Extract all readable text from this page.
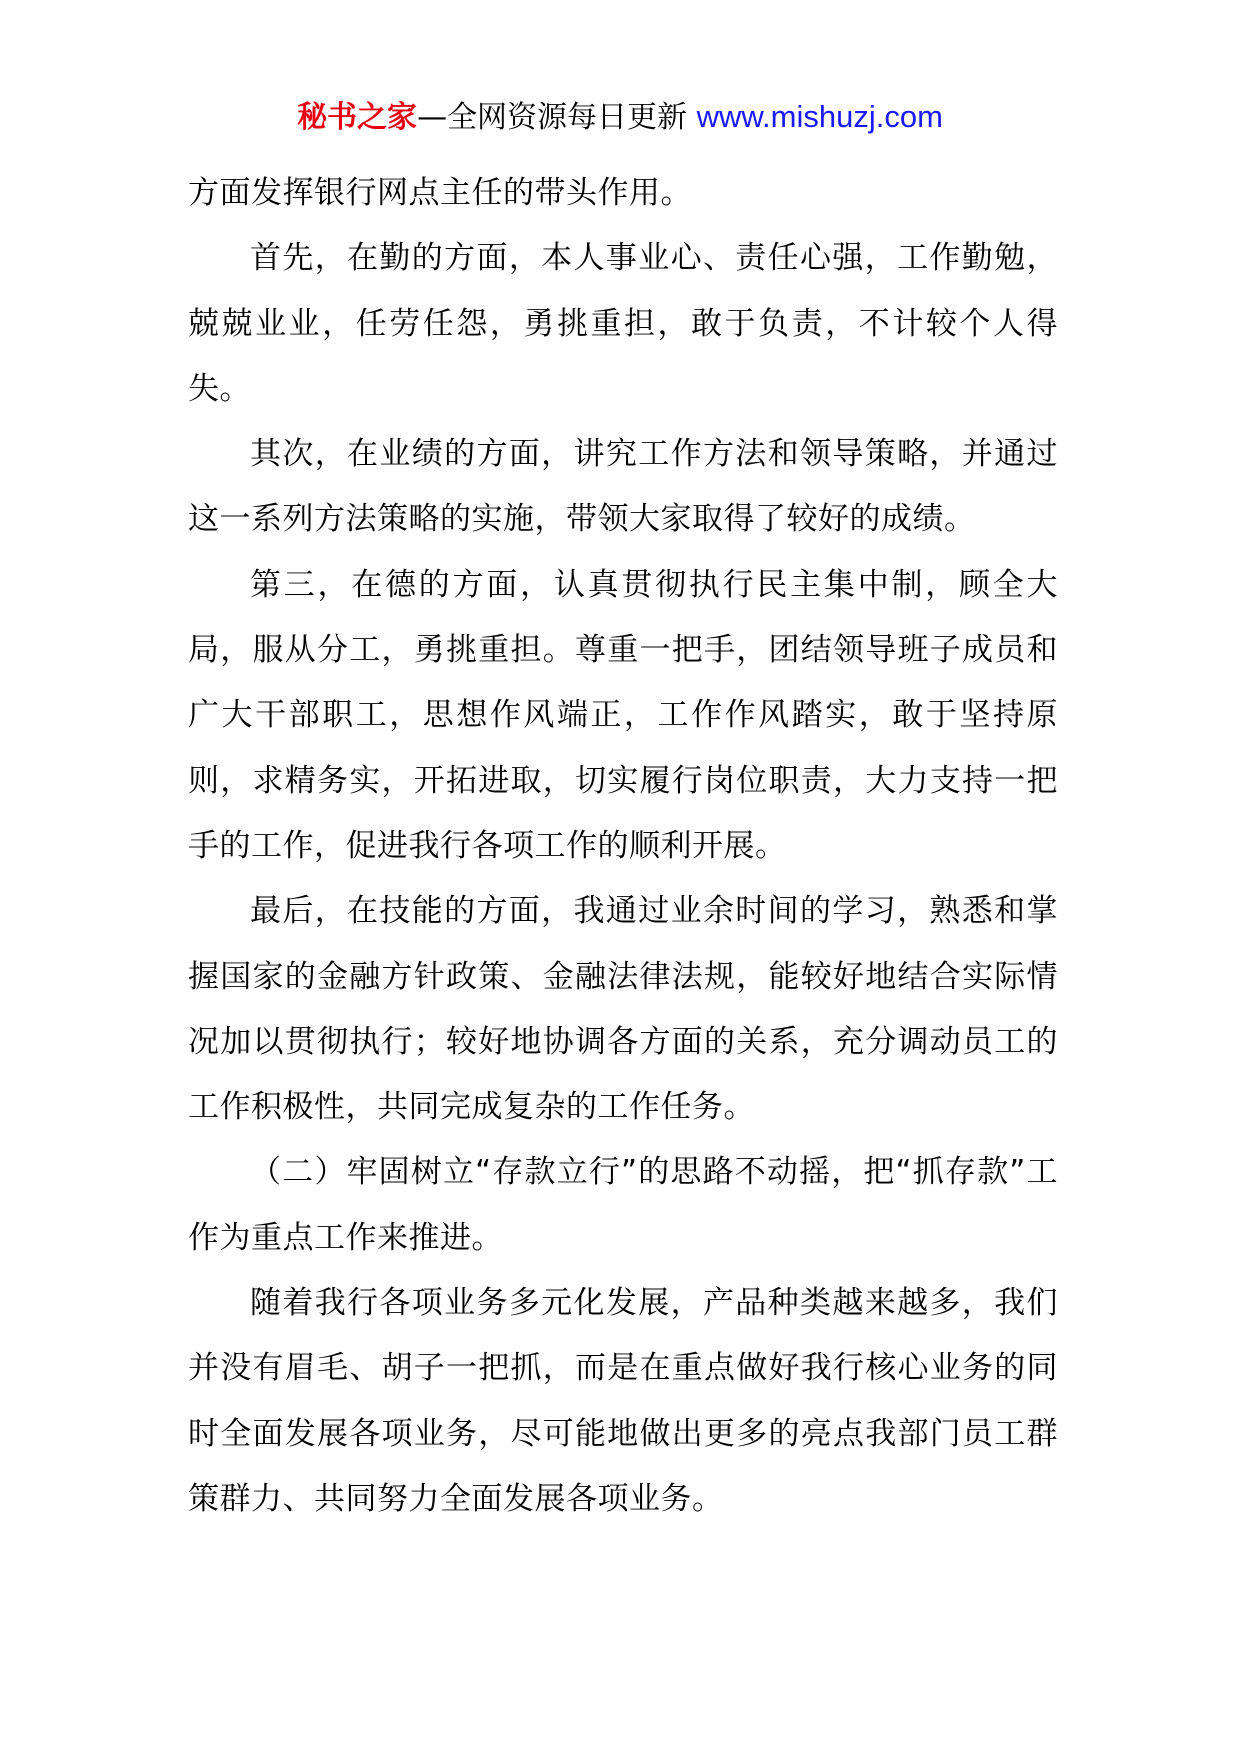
秘书之家—全网资源每日更新 www.mishuzj.com

方面发挥银行网点主任的带头作用。

首先，在勤的方面，本人事业心、责任心强，工作勤勉，兢兢业业，任劳任怨，勇挑重担，敢于负责，不计较个人得失。

其次，在业绩的方面，讲究工作方法和领导策略，并通过这一系列方法策略的实施，带领大家取得了较好的成绩。

第三，在德的方面，认真贯彻执行民主集中制，顾全大局，服从分工，勇挑重担。尊重一把手，团结领导班子成员和广大干部职工，思想作风端正，工作作风踏实，敢于坚持原则，求精务实，开拓进取，切实履行岗位职责，大力支持一把手的工作，促进我行各项工作的顺利开展。

最后，在技能的方面，我通过业余时间的学习，熟悉和掌握国家的金融方针政策、金融法律法规，能较好地结合实际情况加以贯彻执行；较好地协调各方面的关系，充分调动员工的工作积极性，共同完成复杂的工作任务。

（二）牢固树立“存款立行”的思路不动摇，把“抓存款”工作为重点工作来推进。

随着我行各项业务多元化发展，产品种类越来越多，我们并没有眉毛、胡子一把抓，而是在重点做好我行核心业务的同时全面发展各项业务，尽可能地做出更多的亮点我部门员工群策群力、共同努力全面发展各项业务。
